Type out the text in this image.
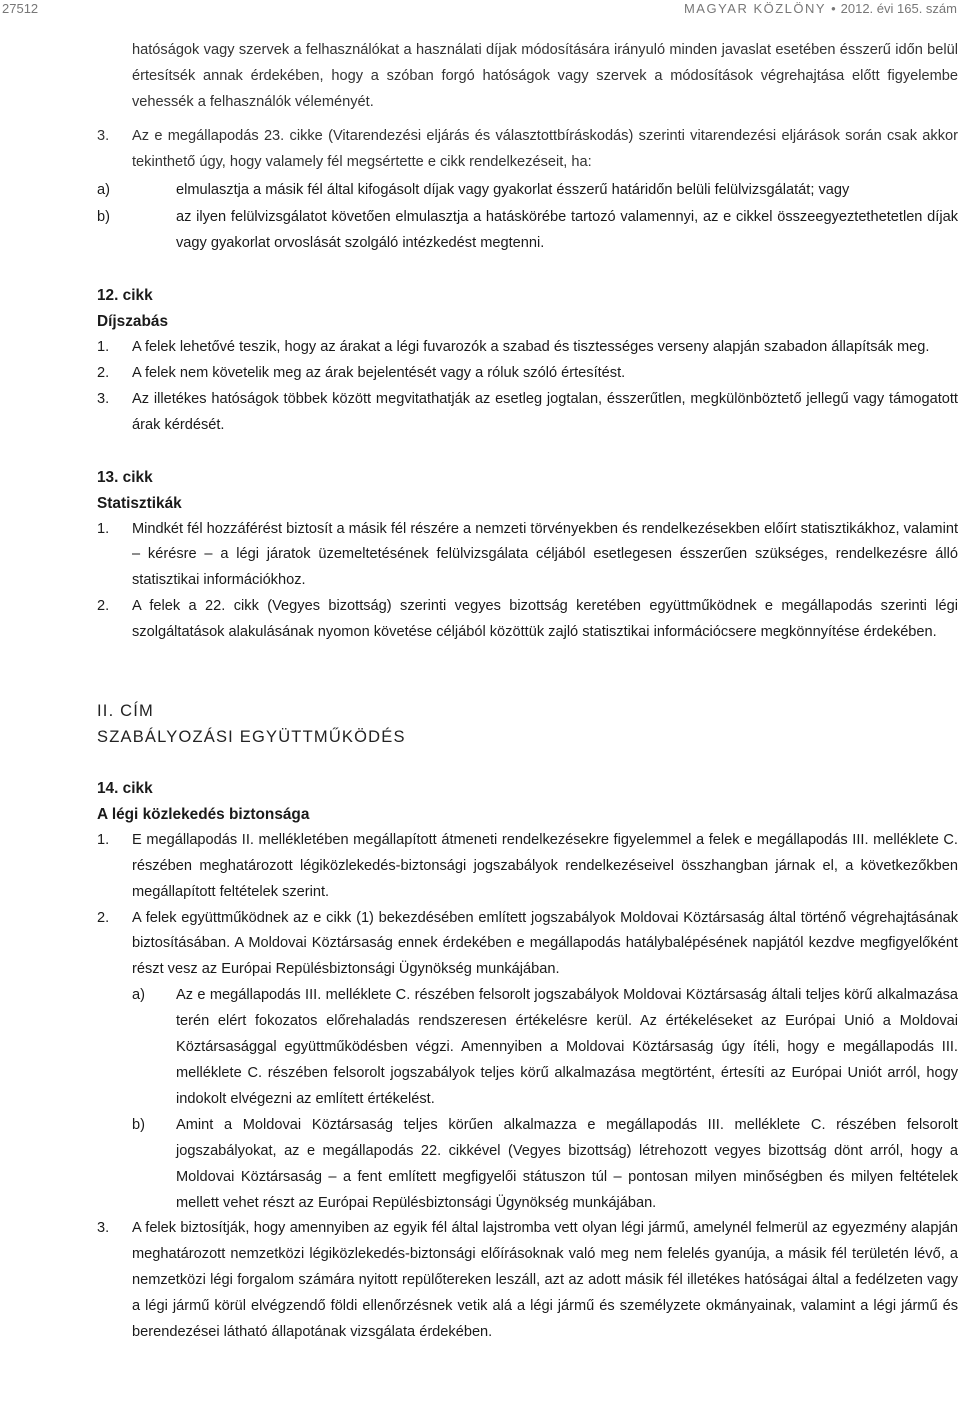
27512	MAGYAR KÖZLÖNY • 2012. évi 165. szám

hatóságok vagy szervek a felhasználókat a használati díjak módosítására irányuló minden javaslat esetében ésszerű időn belül értesítsék annak érdekében, hogy a szóban forgó hatóságok vagy szervek a módosítások végrehajtása előtt figyelembe vehessék a felhasználók véleményét.

3. Az e megállapodás 23. cikke (Vitarendezési eljárás és választottbíráskodás) szerinti vitarendezési eljárások során csak akkor tekinthető úgy, hogy valamely fél megsértette e cikk rendelkezéseit, ha:

a)	elmulasztja a másik fél által kifogásolt díjak vagy gyakorlat ésszerű határidőn belüli felülvizsgálatát; vagy

b)	az ilyen felülvizsgálatot követően elmulasztja a hatáskörébe tartozó valamennyi, az e cikkel összeegyeztethetetlen díjak vagy gyakorlat orvoslását szolgáló intézkedést megtenni.

12. cikk

Díjszabás

1. A felek lehetővé teszik, hogy az árakat a légi fuvarozók a szabad és tisztességes verseny alapján szabadon állapítsák meg.

2. A felek nem követelik meg az árak bejelentését vagy a róluk szóló értesítést.

3. Az illetékes hatóságok többek között megvitathatják az esetleg jogtalan, ésszerűtlen, megkülönböztető jellegű vagy támogatott árak kérdését.

13. cikk

Statisztikák

1. Mindkét fél hozzáférést biztosít a másik fél részére a nemzeti törvényekben és rendelkezésekben előírt statisztikákhoz, valamint – kérésre – a légi járatok üzemeltetésének felülvizsgálata céljából esetlegesen ésszerűen szükséges, rendelkezésre álló statisztikai információkhoz.

2. A felek a 22. cikk (Vegyes bizottság) szerinti vegyes bizottság keretében együttműködnek e megállapodás szerinti légi szolgáltatások alakulásának nyomon követése céljából közöttük zajló statisztikai információcsere megkönnyítése érdekében.

II. CÍM

SZABÁLYOZÁSI EGYÜTTMŰKÖDÉS

14. cikk

A légi közlekedés biztonsága

1. E megállapodás II. mellékletében megállapított átmeneti rendelkezésekre figyelemmel a felek e megállapodás III. melléklete C. részében meghatározott légiközlekedés-biztonsági jogszabályok rendelkezéseivel összhangban járnak el, a következőkben megállapított feltételek szerint.

2. A felek együttműködnek az e cikk (1) bekezdésében említett jogszabályok Moldovai Köztársaság által történő végrehajtásának biztosításában. A Moldovai Köztársaság ennek érdekében e megállapodás hatálybalépésének napjától kezdve megfigyelőként részt vesz az Európai Repülésbiztonsági Ügynökség munkájában.

a) Az e megállapodás III. melléklete C. részében felsorolt jogszabályok Moldovai Köztársaság általi teljes körű alkalmazása terén elért fokozatos előrehaladás rendszeresen értékelésre kerül. Az értékeléseket az Európai Unió a Moldovai Köztársasággal együttműködésben végzi. Amennyiben a Moldovai Köztársaság úgy ítéli, hogy e megállapodás III. melléklete C. részében felsorolt jogszabályok teljes körű alkalmazása megtörtént, értesíti az Európai Uniót arról, hogy indokolt elvégezni az említett értékelést.

b) Amint a Moldovai Köztársaság teljes körűen alkalmazza e megállapodás III. melléklete C. részében felsorolt jogszabályokat, az e megállapodás 22. cikkével (Vegyes bizottság) létrehozott vegyes bizottság dönt arról, hogy a Moldovai Köztársaság – a fent említett megfigyelői státuszon túl – pontosan milyen minőségben és milyen feltételek mellett vehet részt az Európai Repülésbiztonsági Ügynökség munkájában.

3. A felek biztosítják, hogy amennyiben az egyik fél által lajstromba vett olyan légi jármű, amelynél felmerül az egyezmény alapján meghatározott nemzetközi légiközlekedés-biztonsági előírásoknak való meg nem felelés gyanúja, a másik fél területén lévő, a nemzetközi légi forgalom számára nyitott repülőtereken leszáll, azt az adott másik fél illetékes hatóságai által a fedélzeten vagy a légi jármű körül elvégzendő földi ellenőrzésnek vetik alá a légi jármű és személyzete okmányainak, valamint a légi jármű és berendezései látható állapotának vizsgálata érdekében.
